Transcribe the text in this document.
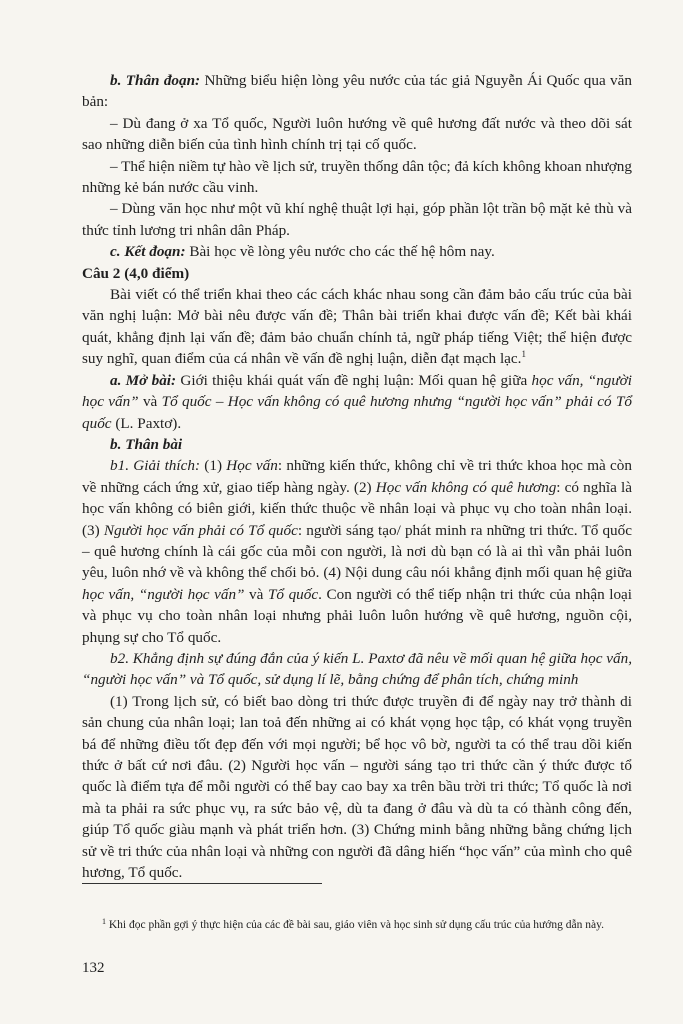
b. Thân đoạn: Những biểu hiện lòng yêu nước của tác giả Nguyễn Ái Quốc qua văn bản:

– Dù đang ở xa Tổ quốc, Người luôn hướng về quê hương đất nước và theo dõi sát sao những diễn biến của tình hình chính trị tại cố quốc.

– Thể hiện niềm tự hào về lịch sử, truyền thống dân tộc; đả kích không khoan nhượng những kẻ bán nước cầu vinh.

– Dùng văn học như một vũ khí nghệ thuật lợi hại, góp phần lột trần bộ mặt kẻ thù và thức tỉnh lương tri nhân dân Pháp.

c. Kết đoạn: Bài học về lòng yêu nước cho các thế hệ hôm nay.

Câu 2 (4,0 điểm)

Bài viết có thể triển khai theo các cách khác nhau song cần đảm bảo cấu trúc của bài văn nghị luận: Mở bài nêu được vấn đề; Thân bài triển khai được vấn đề; Kết bài khái quát, khẳng định lại vấn đề; đảm bảo chuẩn chính tả, ngữ pháp tiếng Việt; thể hiện được suy nghĩ, quan điểm của cá nhân về vấn đề nghị luận, diễn đạt mạch lạc.$^1$

a. Mở bài: Giới thiệu khái quát vấn đề nghị luận: Mối quan hệ giữa học vấn, “người học vấn” và Tổ quốc – Học vấn không có quê hương nhưng “người học vấn” phải có Tổ quốc (L. Paxtơ).

b. Thân bài

b1. Giải thích: (1) Học vấn: những kiến thức, không chỉ về tri thức khoa học mà còn về những cách ứng xử, giao tiếp hàng ngày. (2) Học vấn không có quê hương: có nghĩa là học vấn không có biên giới, kiến thức thuộc về nhân loại và phục vụ cho toàn nhân loại. (3) Người học vấn phải có Tổ quốc: người sáng tạo/ phát minh ra những tri thức. Tổ quốc – quê hương chính là cái gốc của mỗi con người, là nơi dù bạn có là ai thì vẫn phải luôn yêu, luôn nhớ về và không thể chối bỏ. (4) Nội dung câu nói khẳng định mối quan hệ giữa học vấn, “người học vấn” và Tổ quốc. Con người có thể tiếp nhận tri thức của nhận loại và phục vụ cho toàn nhân loại nhưng phải luôn luôn hướng về quê hương, nguồn cội, phụng sự cho Tổ quốc.

b2. Khẳng định sự đúng đắn của ý kiến L. Paxtơ đã nêu về mối quan hệ giữa học vấn, “người học vấn” và Tổ quốc, sử dụng lí lẽ, bằng chứng để phân tích, chứng minh

(1) Trong lịch sử, có biết bao dòng tri thức được truyền đi để ngày nay trở thành di sản chung của nhân loại; lan toả đến những ai có khát vọng học tập, có khát vọng truyền bá để những điều tốt đẹp đến với mọi người; bể học vô bờ, người ta có thể trau dồi kiến thức ở bất cứ nơi đâu. (2) Người học vấn – người sáng tạo tri thức cần ý thức được tổ quốc là điểm tựa để mỗi người có thể bay cao bay xa trên bầu trời tri thức; Tổ quốc là nơi mà ta phải ra sức phục vụ, ra sức bảo vệ, dù ta đang ở đâu và dù ta có thành công đến, giúp Tổ quốc giàu mạnh và phát triển hơn. (3) Chứng minh bằng những bằng chứng lịch sử về tri thức của nhân loại và những con người đã dâng hiến “học vấn” của mình cho quê hương, Tổ quốc.

$^1$ Khi đọc phần gợi ý thực hiện của các đề bài sau, giáo viên và học sinh sử dụng cấu trúc của hướng dẫn này.

132
